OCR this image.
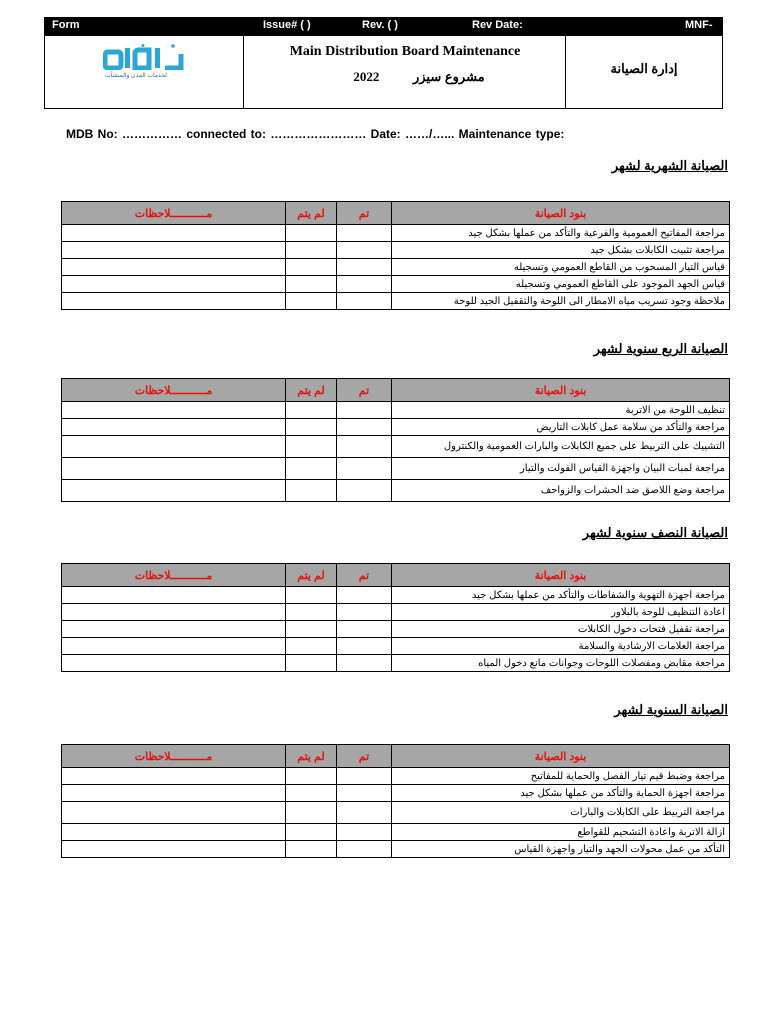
Form	Issue# ( )	Rev. ( )	Rev Date:	MNF-
لخدمات المدن والمنشآت
Main Distribution Board Maintenance
2022	مشروع سيزر
إدارة الصيانة
MDB No: …………… connected to: …………………… Date: ……/…... Maintenance type:
الصيانة الشهرية لشهر
بنود الصيانة	تم	لم يتم	مـــــــــــلاحظات
مراجعة المفاتيح العمومية والفرعية والتأكد من عملها بشكل جيد			
مراجعة تثبيت الكابلات بشكل جيد			
قياس التيار المسحوب من القاطع العمومي وتسجيله			
قياس الجهد الموجود على القاطع العمومي وتسجيله			
ملاحظة وجود تسريب مياه الامطار الى اللوحة والتقفيل الجيد للوحة			
الصيانة الربع سنوية لشهر
بنود الصيانة	تم	لم يتم	مـــــــــــلاحظات
تنظيف اللوحة من الاتربة			
مراجعة والتأكد من سلامة عمل كابلات التاريض			
التشييك على التربيط على جميع الكابلات والبارات العمومية والكنترول			
مراجعة لمبات البيان واجهزة القياس الفولت والتيار			
مراجعة وضع اللاصق ضد الحشرات والزواحف			
الصيانة النصف سنوية لشهر
بنود الصيانة	تم	لم يتم	مـــــــــــلاحظات
مراجعة اجهزة التهوية والشفاطات والتأكد من عملها بشكل جيد			
اعادة التنظيف للوحة بالبلاور			
مراجعة تقفيل فتحات دخول الكابلات			
مراجعة العلامات الارشادية والسلامة			
مراجعة مقابض ومفصلات اللوحات وجوانات مانع دخول المياه			
الصيانة السنوية لشهر
بنود الصيانة	تم	لم يتم	مـــــــــــلاحظات
مراجعة وضبط قيم تيار الفصل والحماية للمفاتيح			
مراجعة اجهزة الحماية والتأكد من عملها بشكل جيد			
مراجعة التربيط على الكابلات والبارات			
ازالة الاتربة واعادة التشحيم للقواطع			
التأكد من عمل محولات الجهد والتيار واجهزة القياس			
